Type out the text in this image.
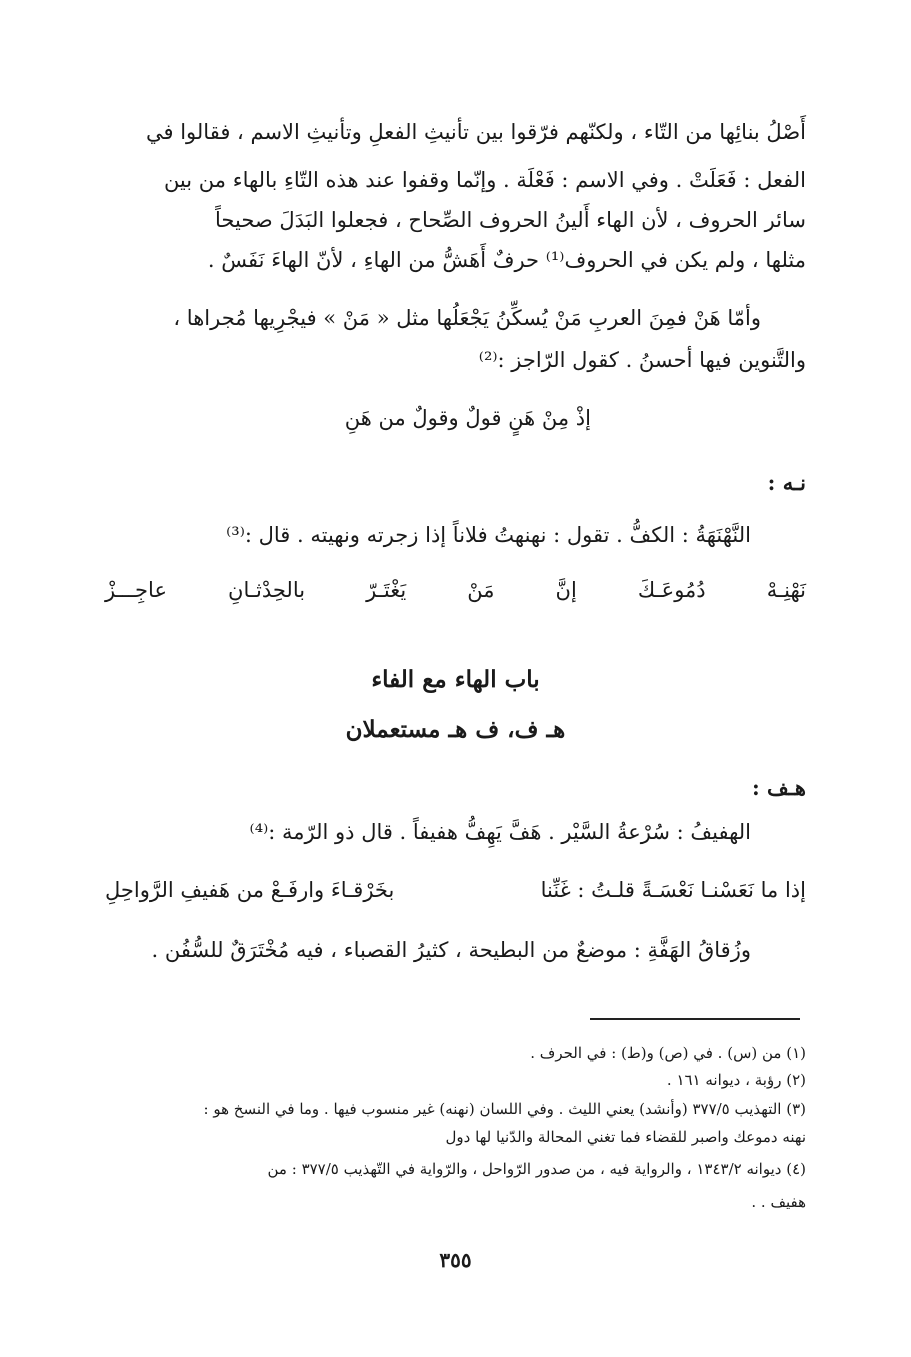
أَصْلُ بنائِها من التّاء ، ولكنّهم فرّقوا بين تأنيثِ الفعلِ وتأنيثِ الاسم ، فقالوا في
الفعل : فَعَلَتْ . وفي الاسم : فَعْلَة . وإنّما وقفوا عند هذه التّاءِ بالهاء من بين
سائر الحروف ، لأن الهاء أَلينُ الحروف الصِّحاح ، فجعلوا البَدَلَ صحيحاً
مثلها ، ولم يكن في الحروف⁽¹⁾ حرفٌ أَهَشُّ من الهاءِ ، لأنّ الهاءَ نَفَسٌ .
وأمّا هَنْ فمِنَ العربِ مَنْ يُسكِّنُ يَجْعَلُها مثل « مَنْ » فيجْرِيها مُجراها ،
والتَّنوين فيها أحسنُ . كقول الرّاجز :⁽²⁾
إذْ مِنْ هَنٍ قولٌ وقولٌ من هَنِ
نـه :
النَّهْنَهَةُ : الكفُّ . تقول : نهنهتُ فلاناً إذا زجرته ونهيته . قال :⁽³⁾
نَهْنِـهْ
دُمُوعَـكَ
إنَّ
مَنْ
يَغْتَـرّ
بالحِدْثـانِ
عاجِـــزْ
باب الهاء مع الفاء
هـ ف، ف هـ مستعملان
هـف :
الهفيفُ : سُرْعةُ السَّيْر . هَفَّ يَهِفُّ هفيفاً . قال ذو الرّمة :⁽⁴⁾
إذا ما نَعَسْنـا نَعْسَـةً قلـتُ : غَنِّنا
بخَرْقـاءَ وارفَـعْ من هَفيفِ الرَّواحِلِ
وزُقاقُ الهَفَّةِ : موضعٌ من البطيحة ، كثيرُ القصباء ، فيه مُخْتَرَقٌ للسُّفُن .
(١) من (س) . في (ص) و(ط) : في الحرف .
(٢) رؤبة ، ديوانه ١٦١ .
(٣) التهذيب ٣٧٧/٥ (وأنشد) يعني الليث . وفي اللسان (نهنه) غير منسوب فيها . وما في النسخ هو :
نهنه دموعك واصبر للقضاء فما تغني المحالة والدّنيا لها دول
(٤) ديوانه ١٣٤٣/٢ ، والرواية فيه ، من صدور الرّواحل ، والرّواية في التّهذيب ٣٧٧/٥ : من
هفيف . .
٣٥٥
